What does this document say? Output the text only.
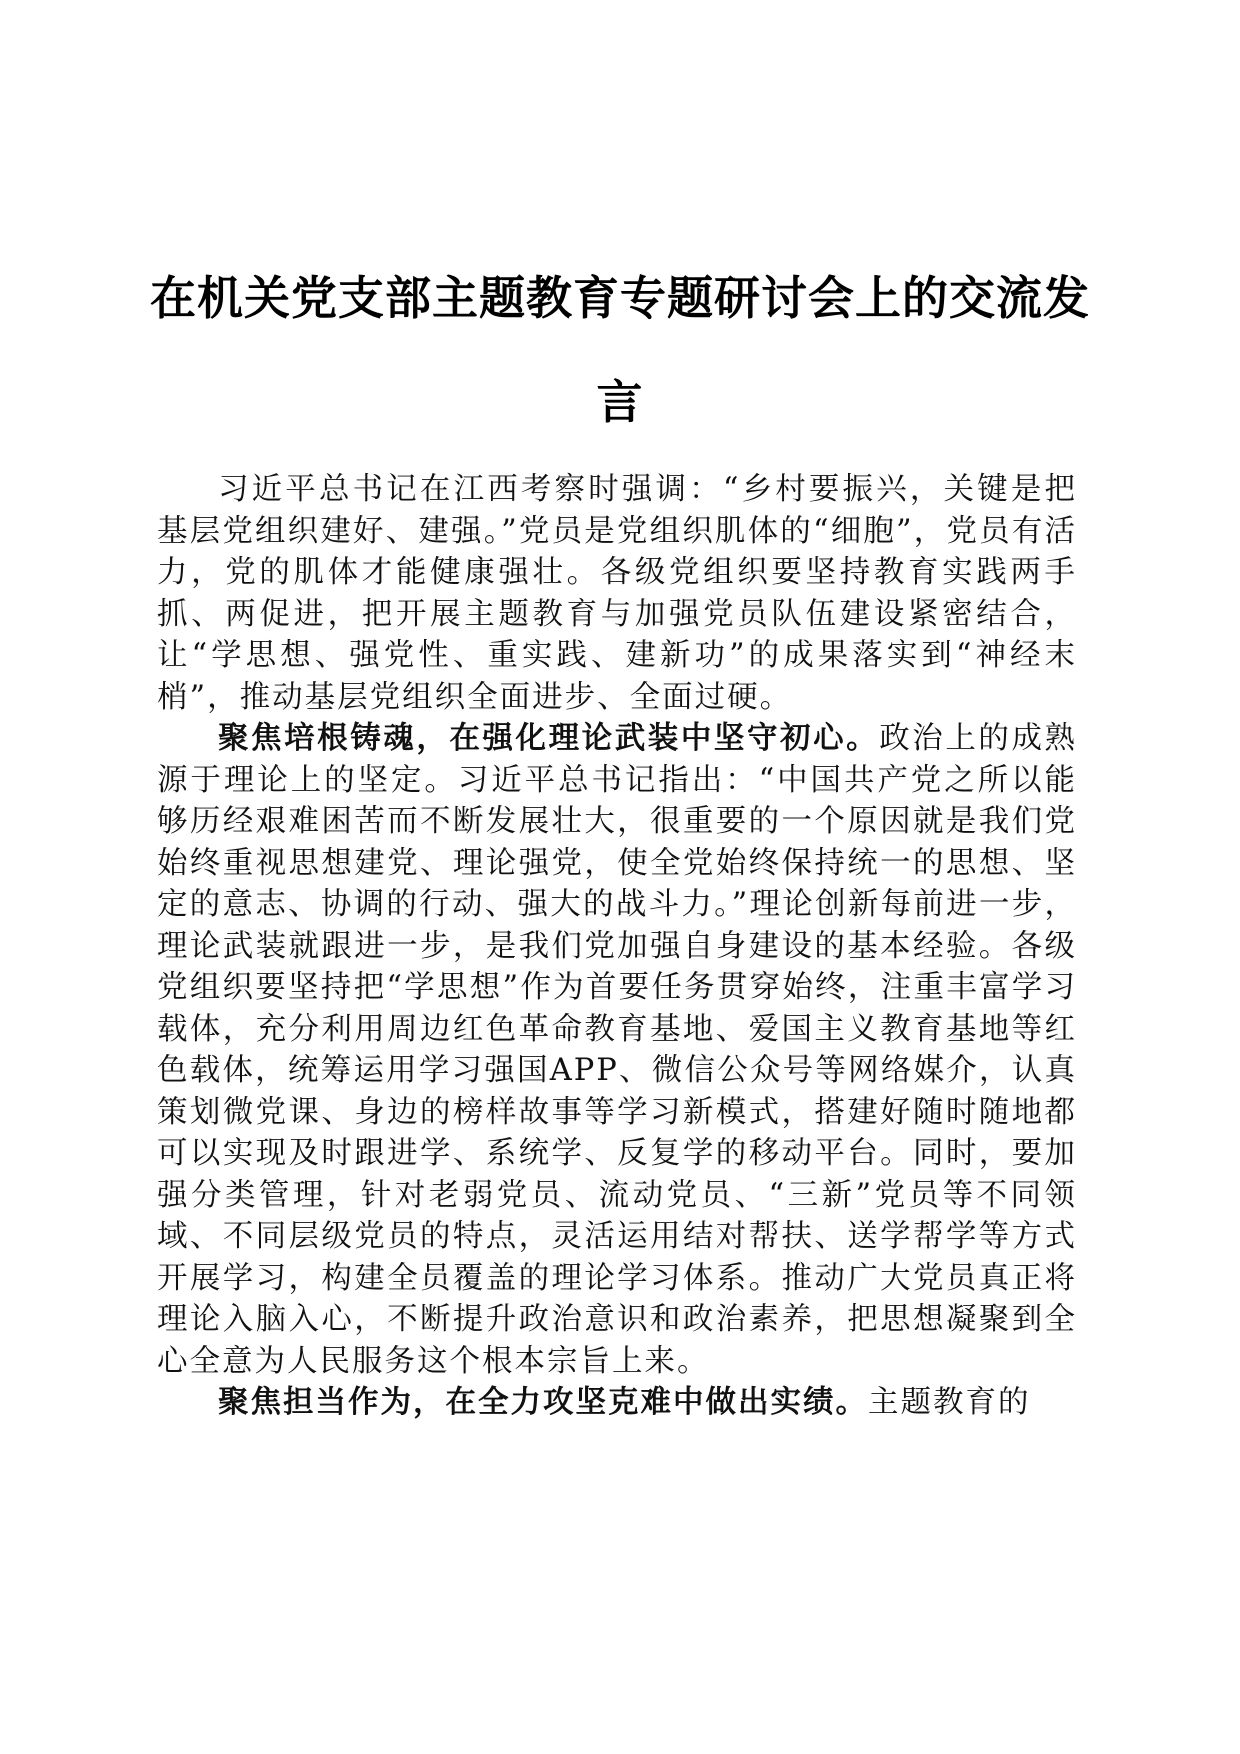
在机关党支部主题教育专题研讨会上的交流发言

习近平总书记在江西考察时强调：“乡村要振兴，关键是把基层党组织建好、建强。”党员是党组织肌体的“细胞”，党员有活力，党的肌体才能健康强壮。各级党组织要坚持教育实践两手抓、两促进，把开展主题教育与加强党员队伍建设紧密结合，让“学思想、强党性、重实践、建新功”的成果落实到“神经末梢”，推动基层党组织全面进步、全面过硬。

聚焦培根铸魂，在强化理论武装中坚守初心。政治上的成熟源于理论上的坚定。习近平总书记指出：“中国共产党之所以能够历经艰难困苦而不断发展壮大，很重要的一个原因就是我们党始终重视思想建党、理论强党，使全党始终保持统一的思想、坚定的意志、协调的行动、强大的战斗力。”理论创新每前进一步，理论武装就跟进一步，是我们党加强自身建设的基本经验。各级党组织要坚持把“学思想”作为首要任务贯穿始终，注重丰富学习载体，充分利用周边红色革命教育基地、爱国主义教育基地等红色载体，统筹运用学习强国APP、微信公众号等网络媒介，认真策划微党课、身边的榜样故事等学习新模式，搭建好随时随地都可以实现及时跟进学、系统学、反复学的移动平台。同时，要加强分类管理，针对老弱党员、流动党员、“三新”党员等不同领域、不同层级党员的特点，灵活运用结对帮扶、送学帮学等方式开展学习，构建全员覆盖的理论学习体系。推动广大党员真正将理论入脑入心，不断提升政治意识和政治素养，把思想凝聚到全心全意为人民服务这个根本宗旨上来。

聚焦担当作为，在全力攻坚克难中做出实绩。主题教育的
